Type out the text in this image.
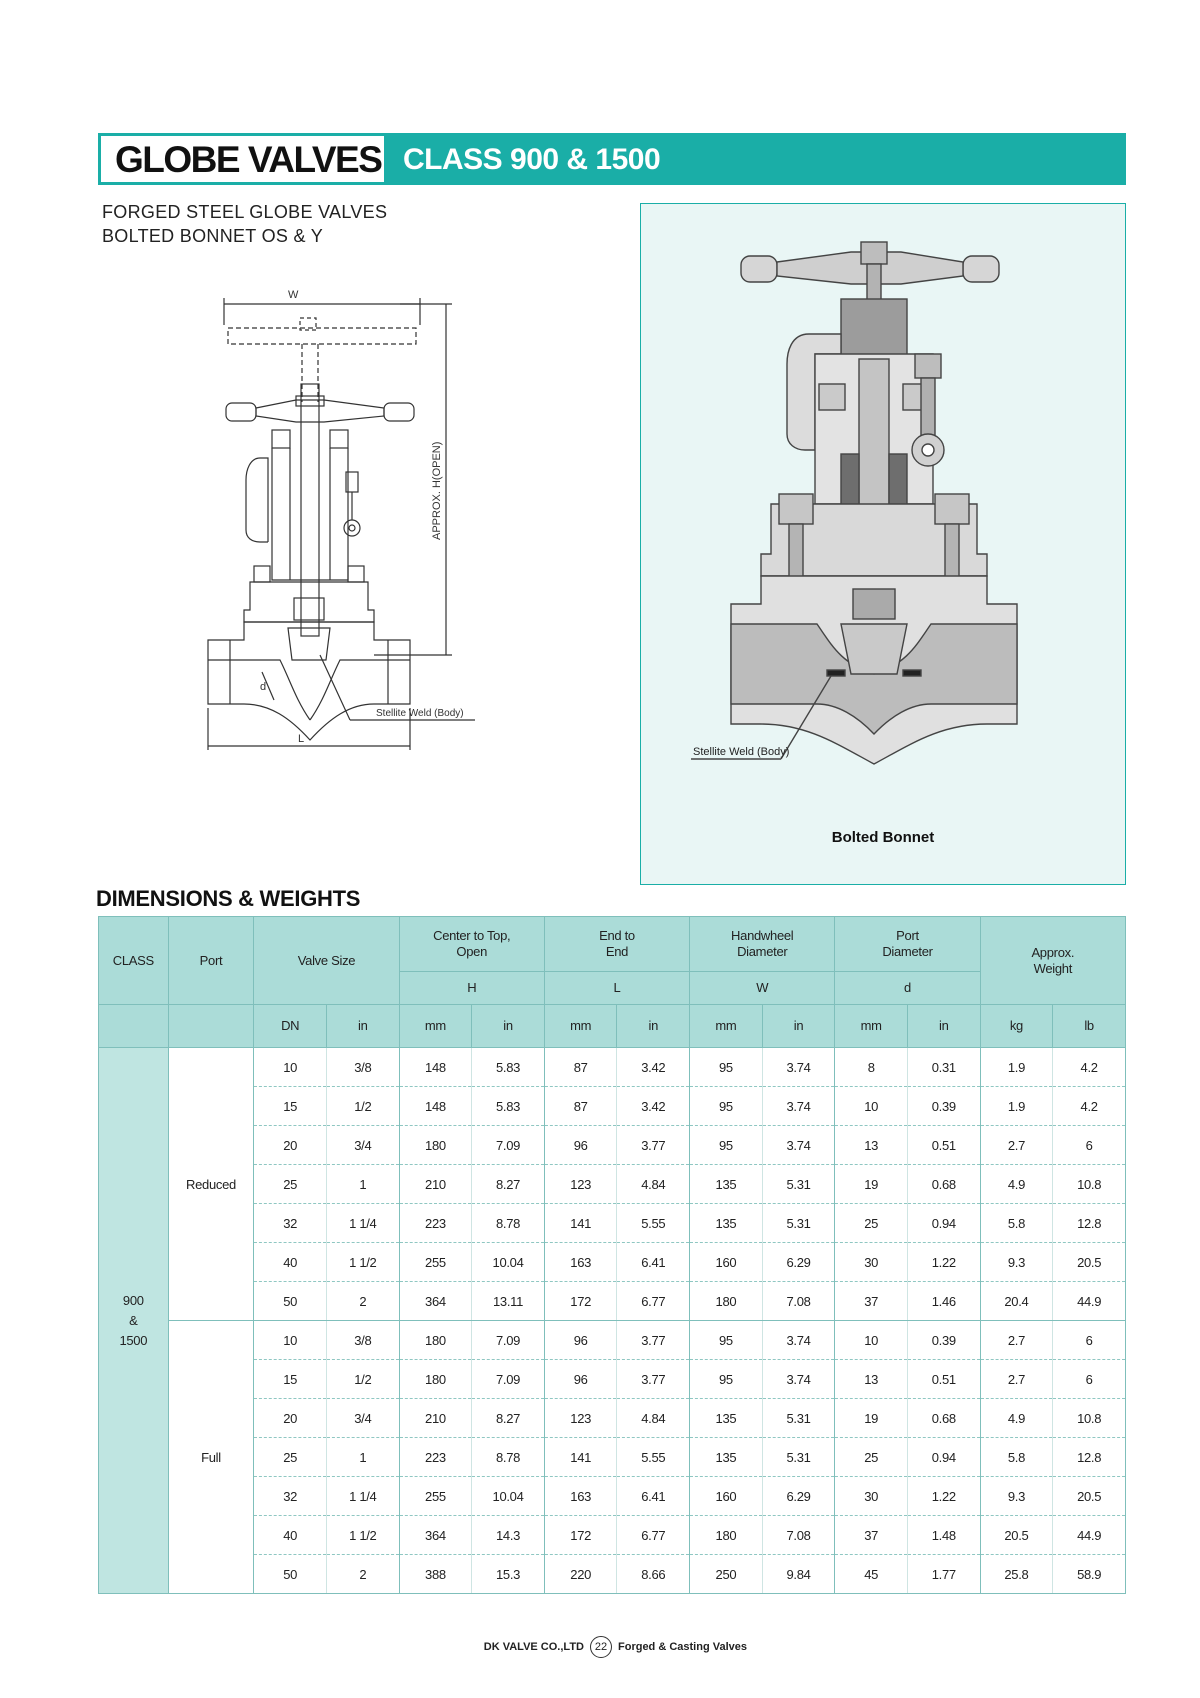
GLOBE VALVES CLASS 900 & 1500
FORGED STEEL GLOBE VALVES
BOLTED BONNET OS & Y
W
APPROX. H(OPEN)
L
d
Stellite Weld (Body)
Stellite Weld (Body)
Bolted Bonnet
DIMENSIONS & WEIGHTS
CLASS	Port	Valve Size		Center to Top, Open		End to End		Handwheel Diameter		Port Diameter		Approx. Weight	

				H		L		W		d			
		DN	in	mm	in	mm	in	mm	in	mm	in	kg	lb

900
&
1500	Reduced	10	3/8	148	5.83	87	3.42	95	3.74	8	0.31	1.9	4.2
		15	1/2	148	5.83	87	3.42	95	3.74	10	0.39	1.9	4.2
		20	3/4	180	7.09	96	3.77	95	3.74	13	0.51	2.7	6
		25	1	210	8.27	123	4.84	135	5.31	19	0.68	4.9	10.8
		32	1 1/4	223	8.78	141	5.55	135	5.31	25	0.94	5.8	12.8
		40	1 1/2	255	10.04	163	6.41	160	6.29	30	1.22	9.3	20.5
		50	2	364	13.11	172	6.77	180	7.08	37	1.46	20.4	44.9
	Full	10	3/8	180	7.09	96	3.77	95	3.74	10	0.39	2.7	6
		15	1/2	180	7.09	96	3.77	95	3.74	13	0.51	2.7	6
		20	3/4	210	8.27	123	4.84	135	5.31	19	0.68	4.9	10.8
		25	1	223	8.78	141	5.55	135	5.31	25	0.94	5.8	12.8
		32	1 1/4	255	10.04	163	6.41	160	6.29	30	1.22	9.3	20.5
		40	1 1/2	364	14.3	172	6.77	180	7.08	37	1.48	20.5	44.9
		50	2	388	15.3	220	8.66	250	9.84	45	1.77	25.8	58.9
DK VALVE CO.,LTD 22 Forged & Casting Valves
